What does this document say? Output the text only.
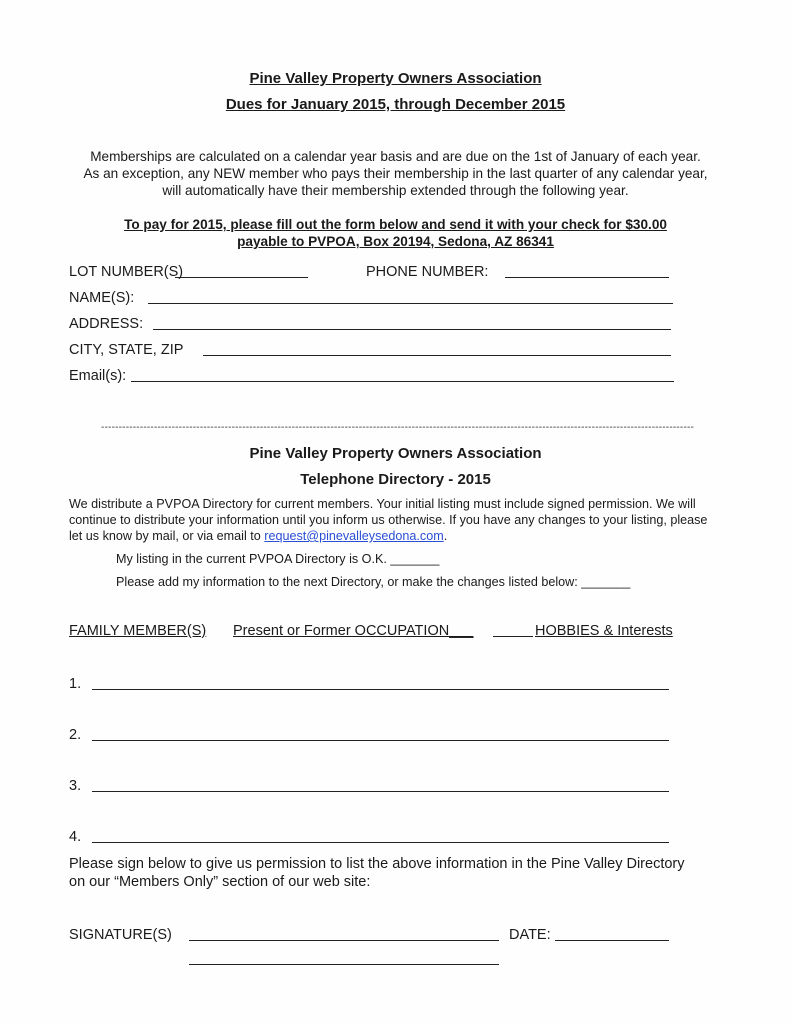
Pine Valley Property Owners Association
Dues for January 2015, through December 2015
Memberships are calculated on a calendar year basis and are due on the 1st of January of each year.
As an exception, any NEW member who pays their membership in the last quarter of any calendar year,
will automatically have their membership extended through the following year.
To pay for 2015, please fill out the form below and send it with your check for $30.00
payable to PVPOA, Box 20194, Sedona, AZ 86341
LOT NUMBER(S)	PHONE NUMBER:
NAME(S):
ADDRESS:
CITY, STATE, ZIP
Email(s):
------------------------------------------------------------------------------------------------------------------------------------------------------------------------
Pine Valley Property Owners Association
Telephone Directory - 2015
We distribute a PVPOA Directory for current members. Your initial listing must include signed permission. We will
continue to distribute your information until you inform us otherwise. If you have any changes to your listing, please
let us know by mail, or via email to request@pinevalleysedona.com.
My listing in the current PVPOA Directory is O.K. _______
Please add my information to the next Directory, or make the changes listed below: _______
FAMILY MEMBER(S) Present or Former OCCUPATION___	HOBBIES & Interests
1.
2.
3.
4.
Please sign below to give us permission to list the above information in the Pine Valley Directory
on our “Members Only” section of our web site:
SIGNATURE(S)	DATE:
